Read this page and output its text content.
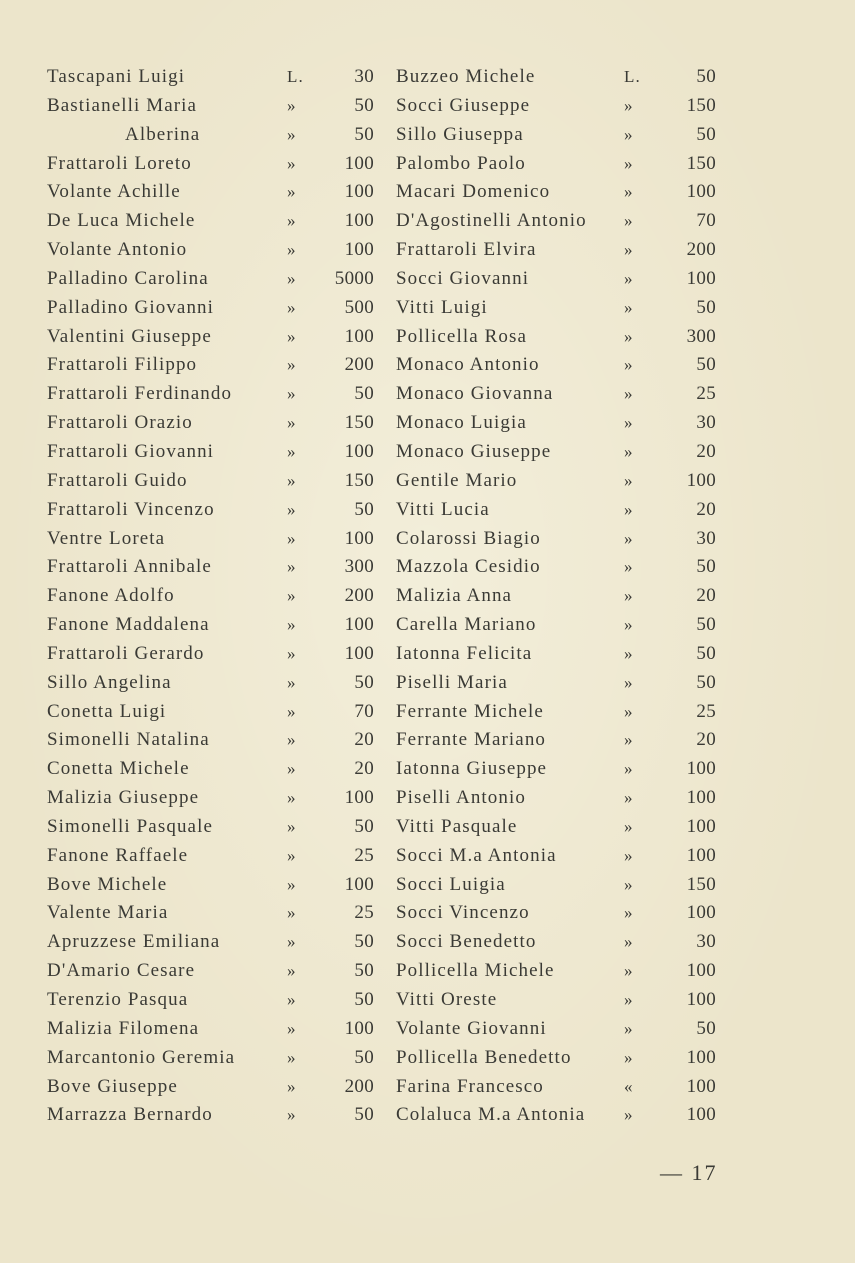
Tascapani Luigi	L.	30
Bastianelli Maria	»	50
Alberina	»	50
Frattaroli Loreto	»	100
Volante Achille	»	100
De Luca Michele	»	100
Volante Antonio	»	100
Palladino Carolina	» 5000
Palladino Giovanni	»	500
Valentini Giuseppe	»	100
Frattaroli Filippo	»	200
Frattaroli Ferdinando	»	50
Frattaroli Orazio	»	150
Frattaroli Giovanni	»	100
Frattaroli Guido	»	150
Frattaroli Vincenzo	»	50
Ventre Loreta	»	100
Frattaroli Annibale	»	300
Fanone Adolfo	»	200
Fanone Maddalena	»	100
Frattaroli Gerardo	»	100
Sillo Angelina	»	50
Conetta Luigi	»	70
Simonelli Natalina	»	20
Conetta Michele	»	20
Malizia Giuseppe	»	100
Simonelli Pasquale	»	50
Fanone Raffaele	»	25
Bove Michele	»	100
Valente Maria	»	25
Apruzzese Emiliana	»	50
D'Amario Cesare	»	50
Terenzio Pasqua	»	50
Malizia Filomena	»	100
Marcantonio Geremia	»	50
Bove Giuseppe	»	200
Marrazza Bernardo	»	50
Buzzeo Michele	L.	50
Socci Giuseppe	»	150
Sillo Giuseppa	»	50
Palombo Paolo	»	150
Macari Domenico	»	100
D'Agostinelli Antonio »	70
Frattaroli Elvira	»	200
Socci Giovanni	»	100
Vitti Luigi	»	50
Pollicella Rosa	»	300
Monaco Antonio	»	50
Monaco Giovanna	»	25
Monaco Luigia	»	30
Monaco Giuseppe	»	20
Gentile Mario	»	100
Vitti Lucia	»	20
Colarossi Biagio	»	30
Mazzola Cesidio	»	50
Malizia Anna	»	20
Carella Mariano	»	50
Iatonna Felicita	»	50
Piselli Maria	»	50
Ferrante Michele	»	25
Ferrante Mariano	»	20
Iatonna Giuseppe	»	100
Piselli Antonio	»	100
Vitti Pasquale	»	100
Socci M.a Antonia	»	100
Socci Luigia	»	150
Socci Vincenzo	»	100
Socci Benedetto	»	30
Pollicella Michele	»	100
Vitti Oreste	»	100
Volante Giovanni	»	50
Pollicella Benedetto	»	100
Farina Francesco	«	100
Colaluca M.a Antonia »	100
— 17
